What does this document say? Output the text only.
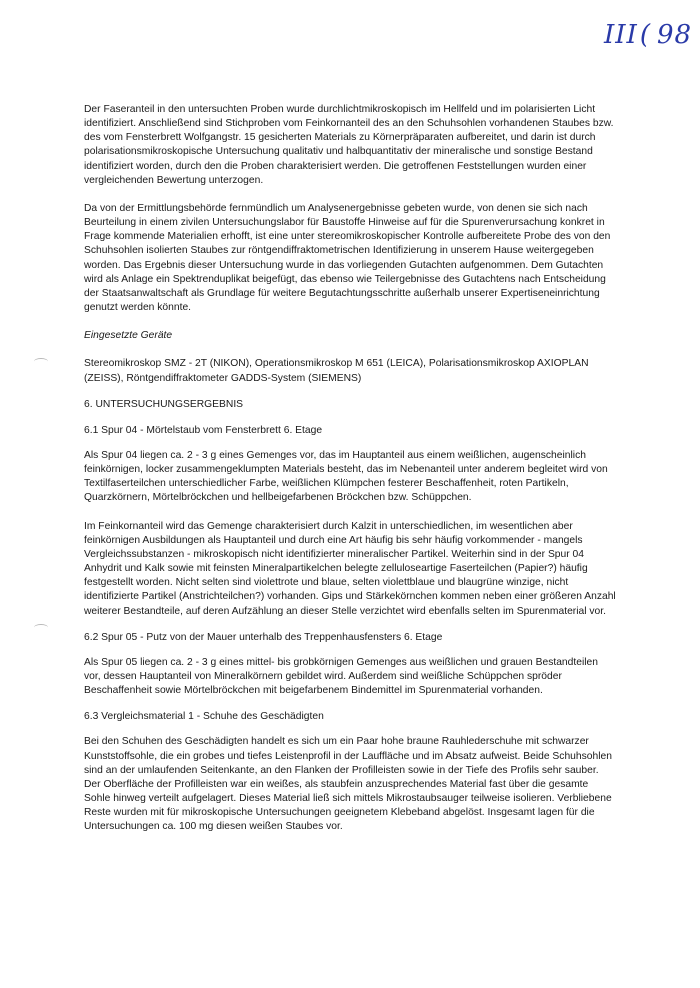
III( 98

Der Faseranteil in den untersuchten Proben wurde durchlichtmikroskopisch im Hellfeld und im polarisierten Licht identifiziert. Anschließend sind Stichproben vom Feinkornanteil des an den Schuhsohlen vorhandenen Staubes bzw. des vom Fensterbrett Wolfgangstr. 15 gesicherten Materials zu Körnerpräparaten aufbereitet, und darin ist durch polarisationsmikroskopische Untersuchung qualitativ und halbquantitativ der mineralische und sonstige Bestand identifiziert worden, durch den die Proben charakterisiert werden. Die getroffenen Feststellungen wurden einer vergleichenden Bewertung unterzogen.

Da von der Ermittlungsbehörde fernmündlich um Analysenergebnisse gebeten wurde, von denen sie sich nach Beurteilung in einem zivilen Untersuchungslabor für Baustoffe Hinweise auf für die Spurenverursachung konkret in Frage kommende Materialien erhofft, ist eine unter stereomikroskopischer Kontrolle aufbereitete Probe des von den Schuhsohlen isolierten Staubes zur röntgendiffraktometrischen Identifizierung in unserem Hause weitergegeben worden. Das Ergebnis dieser Untersuchung wurde in das vorliegenden Gutachten aufgenommen. Dem Gutachten wird als Anlage ein Spektrenduplikat beigefügt, das ebenso wie Teilergebnisse des Gutachtens nach Entscheidung der Staatsanwaltschaft als Grundlage für weitere Begutachtungsschritte außerhalb unserer Expertiseneinrichtung genutzt werden könnte.

Eingesetzte Geräte

Stereomikroskop SMZ - 2T (NIKON), Operationsmikroskop M 651 (LEICA), Polarisationsmikroskop AXIOPLAN (ZEISS), Röntgendiffraktometer GADDS-System (SIEMENS)

6. UNTERSUCHUNGSERGEBNIS

6.1 Spur 04 - Mörtelstaub vom Fensterbrett 6. Etage

Als Spur 04 liegen ca. 2 - 3 g eines Gemenges vor, das im Hauptanteil aus einem weißlichen, augenscheinlich feinkörnigen, locker zusammengeklumpten Materials besteht, das im Nebenanteil unter anderem begleitet wird von Textilfaserteilchen unterschiedlicher Farbe, weißlichen Klümpchen festerer Beschaffenheit, roten Partikeln, Quarzkörnern, Mörtelbröckchen und hellbeigefarbenen Bröckchen bzw. Schüppchen.

Im Feinkornanteil wird das Gemenge charakterisiert durch Kalzit in unterschiedlichen, im wesentlichen aber feinkörnigen Ausbildungen als Hauptanteil und durch eine Art häufig bis sehr häufig vorkommender - mangels Vergleichssubstanzen - mikroskopisch nicht identifizierter mineralischer Partikel. Weiterhin sind in der Spur 04 Anhydrit und Kalk sowie mit feinsten Mineralpartikelchen belegte zelluloseartige Faserteilchen (Papier?) häufig festgestellt worden. Nicht selten sind violettrote und blaue, selten violettblaue und blaugrüne winzige, nicht identifizierte Partikel (Anstrichteilchen?) vorhanden. Gips und Stärkekörnchen kommen neben einer größeren Anzahl weiterer Bestandteile, auf deren Aufzählung an dieser Stelle verzichtet wird ebenfalls selten im Spurenmaterial vor.

6.2 Spur 05 - Putz von der Mauer unterhalb des Treppenhausfensters 6. Etage

Als Spur 05 liegen ca. 2 - 3 g eines mittel- bis grobkörnigen Gemenges aus weißlichen und grauen Bestandteilen vor, dessen Hauptanteil von Mineralkörnern gebildet wird. Außerdem sind weißliche Schüppchen spröder Beschaffenheit sowie Mörtelbröckchen mit beigefarbenem Bindemittel im Spurenmaterial vorhanden.

6.3 Vergleichsmaterial 1 - Schuhe des Geschädigten

Bei den Schuhen des Geschädigten handelt es sich um ein Paar hohe braune Rauhlederschuhe mit schwarzer Kunststoffsohle, die ein grobes und tiefes Leistenprofil in der Lauffläche und im Absatz aufweist. Beide Schuhsohlen sind an der umlaufenden Seitenkante, an den Flanken der Profilleisten sowie in der Tiefe des Profils sehr sauber. Der Oberfläche der Profilleisten war ein weißes, als staubfein anzusprechendes Material fast über die gesamte Sohle hinweg verteilt aufgelagert. Dieses Material ließ sich mittels Mikrostaubsauger teilweise isolieren. Verbliebene Reste wurden mit für mikroskopische Untersuchungen geeignetem Klebeband abgelöst. Insgesamt lagen für die Untersuchungen ca. 100 mg diesen weißen Staubes vor.
